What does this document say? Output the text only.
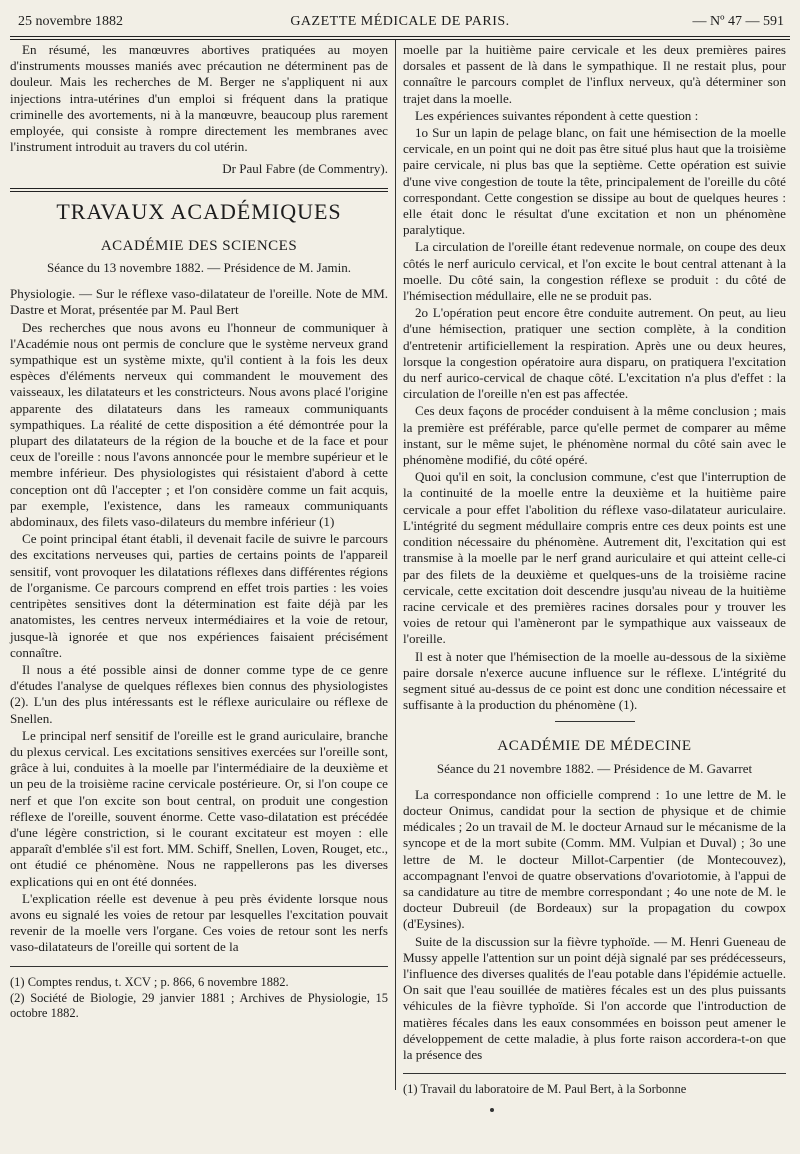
25 novembre 1882	GAZETTE MÉDICALE DE PARIS.	— Nº 47 — 591

En résumé, les manœuvres abortives pratiquées au moyen d'instruments mousses maniés avec précaution ne déterminent pas de douleur. Mais les recherches de M. Berger ne s'appliquent ni aux injections intra-utérines d'un emploi si fréquent dans la pratique criminelle des avortements, ni à la manœuvre, beaucoup plus rarement employée, qui consiste à rompre directement les membranes avec l'instrument introduit au travers du col utérin.

Dr Paul Fabre (de Commentry).
TRAVAUX ACADÉMIQUES
ACADÉMIE DES SCIENCES
Séance du 13 novembre 1882. — Présidence de M. Jamin.

Physiologie. — Sur le réflexe vaso-dilatateur de l'oreille. Note de MM. Dastre et Morat, présentée par M. Paul Bert

Des recherches que nous avons eu l'honneur de communiquer à l'Académie nous ont permis de conclure que le système nerveux grand sympathique est un système mixte, qu'il contient à la fois les deux espèces d'éléments nerveux qui commandent le mouvement des vaisseaux, les dilatateurs et les constricteurs. Nous avons placé l'origine apparente des dilatateurs dans les rameaux communiquants sympathiques. La réalité de cette disposition a été démontrée pour la plupart des dilatateurs de la région de la bouche et de la face et pour ceux de l'oreille : nous l'avons annoncée pour le membre supérieur et le membre inférieur. Des physiologistes qui résistaient d'abord à cette conception ont dû l'accepter ; et l'on considère comme un fait acquis, par exemple, l'existence, dans les rameaux communiquants abdominaux, des filets vaso-dilateurs du membre inférieur (1)

Ce point principal étant établi, il devenait facile de suivre le parcours des excitations nerveuses qui, parties de certains points de l'appareil sensitif, vont provoquer les dilatations réflexes dans différentes régions de l'organisme. Ce parcours comprend en effet trois parties : les voies centripètes sensitives dont la détermination est faite déjà par les anatomistes, les centres nerveux intermédiaires et la voie de retour, jusque-là ignorée et que nos expériences faisaient précisément connaître.

Il nous a été possible ainsi de donner comme type de ce genre d'études l'analyse de quelques réflexes bien connus des physiologistes (2). L'un des plus intéressants est le réflexe auriculaire ou réflexe de Snellen.

Le principal nerf sensitif de l'oreille est le grand auriculaire, branche du plexus cervical. Les excitations sensitives exercées sur l'oreille sont, grâce à lui, conduites à la moelle par l'intermédiaire de la deuxième et un peu de la troisième racine cervicale postérieure. Or, si l'on coupe ce nerf et que l'on excite son bout central, on produit une congestion réflexe de l'oreille, souvent énorme. Cette vaso-dilatation est précédée d'une légère constriction, si le courant excitateur est moyen : elle apparaît d'emblée s'il est fort. MM. Schiff, Snellen, Loven, Rouget, etc., ont étudié ce phénomène. Nous ne rappellerons pas les diverses explications qui en ont été données.

L'explication réelle est devenue à peu près évidente lorsque nous avons eu signalé les voies de retour par lesquelles l'excitation pouvait revenir de la moelle vers l'organe. Ces voies de retour sont les nerfs vaso-dilatateurs de l'oreille qui sortent de la

(1) Comptes rendus, t. XCV ; p. 866, 6 novembre 1882.

(2) Société de Biologie, 29 janvier 1881 ; Archives de Physiologie, 15 octobre 1882.

moelle par la huitième paire cervicale et les deux premières paires dorsales et passent de là dans le sympathique. Il ne restait plus, pour connaître le parcours complet de l'influx nerveux, qu'à déterminer son trajet dans la moelle.

Les expériences suivantes répondent à cette question :

1o Sur un lapin de pelage blanc, on fait une hémisection de la moelle cervicale, en un point qui ne doit pas être situé plus haut que la troisième paire cervicale, ni plus bas que la septième. Cette opération est suivie d'une vive congestion de toute la tête, principalement de l'oreille du côté correspondant. Cette congestion se dissipe au bout de quelques heures : elle était donc le résultat d'une excitation et non un phénomène paralytique.

La circulation de l'oreille étant redevenue normale, on coupe des deux côtés le nerf auriculo cervical, et l'on excite le bout central attenant à la moelle. Du côté sain, la congestion réflexe se produit : du côté de l'hémisection médullaire, elle ne se produit pas.

2o L'opération peut encore être conduite autrement. On peut, au lieu d'une hémisection, pratiquer une section complète, à la condition d'entretenir artificiellement la respiration. Après une ou deux heures, lorsque la congestion opératoire aura disparu, on pratiquera l'excitation du nerf aurico-cervical de chaque côté. L'excitation n'a plus d'effet : la circulation de l'oreille n'en est pas affectée.

Ces deux façons de procéder conduisent à la même conclusion ; mais la première est préférable, parce qu'elle permet de comparer au même instant, sur le même sujet, le phénomène normal du côté sain avec le phénomène modifié, du côté opéré.

Quoi qu'il en soit, la conclusion commune, c'est que l'interruption de la continuité de la moelle entre la deuxième et la huitième paire cervicale a pour effet l'abolition du réflexe vaso-dilatateur auriculaire. L'intégrité du segment médullaire compris entre ces deux points est une condition nécessaire du phénomène. Autrement dit, l'excitation qui est transmise à la moelle par le nerf grand auriculaire et qui atteint celle-ci par des filets de la deuxième et quelques-uns de la troisième racine cervicale, cette excitation doit descendre jusqu'au niveau de la huitième racine cervicale et des premières racines dorsales pour y trouver les voies de retour qui l'amèneront par le sympathique aux vaisseaux de l'oreille.

Il est à noter que l'hémisection de la moelle au-dessous de la sixième paire dorsale n'exerce aucune influence sur le réflexe. L'intégrité du segment situé au-dessus de ce point est donc une condition nécessaire et suffisante à la production du phénomène (1).

ACADÉMIE DE MÉDECINE
Séance du 21 novembre 1882. — Présidence de M. Gavarret

La correspondance non officielle comprend : 1o une lettre de M. le docteur Onimus, candidat pour la section de physique et de chimie médicales ; 2o un travail de M. le docteur Arnaud sur le mécanisme de la syncope et de la mort subite (Comm. MM. Vulpian et Duval) ; 3o une lettre de M. le docteur Millot-Carpentier (de Montecouvez), accompagnant l'envoi de quatre observations d'ovariotomie, à l'appui de sa candidature au titre de membre correspondant ; 4o une note de M. le docteur Dubreuil (de Bordeaux) sur la propagation du cowpox (d'Eysines).

Suite de la discussion sur la fièvre typhoïde. — M. Henri Gueneau de Mussy appelle l'attention sur un point déjà signalé par ses prédécesseurs, l'influence des diverses qualités de l'eau potable dans l'épidémie actuelle. On sait que l'eau souillée de matières fécales est un des plus puissants véhicules de la fièvre typhoïde. Si l'on accorde que l'introduction de matières fécales dans les eaux consommées en boisson peut amener le développement de cette maladie, à plus forte raison accordera-t-on que la présence des

(1) Travail du laboratoire de M. Paul Bert, à la Sorbonne
